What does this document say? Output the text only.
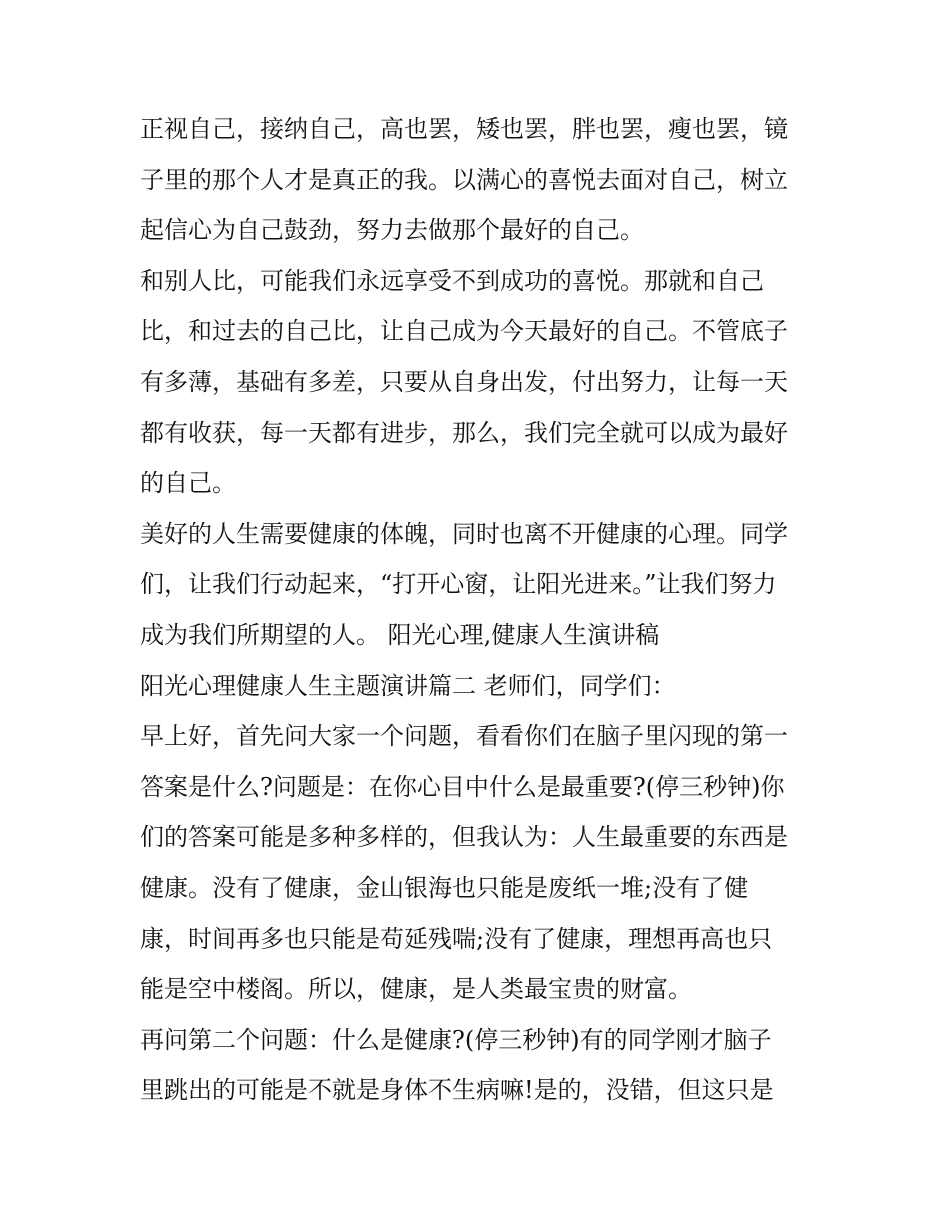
正视自己，接纳自己，高也罢，矮也罢，胖也罢，瘦也罢，镜
子里的那个人才是真正的我。以满心的喜悦去面对自己，树立
起信心为自己鼓劲，努力去做那个最好的自己。
和别人比，可能我们永远享受不到成功的喜悦。那就和自己
比，和过去的自己比，让自己成为今天最好的自己。不管底子
有多薄，基础有多差，只要从自身出发，付出努力，让每一天
都有收获，每一天都有进步，那么，我们完全就可以成为最好
的自己。
美好的人生需要健康的体魄，同时也离不开健康的心理。同学
们，让我们行动起来，“打开心窗，让阳光进来。”让我们努力
成为我们所期望的人。 阳光心理,健康人生演讲稿
阳光心理健康人生主题演讲篇二 老师们，同学们：
早上好，首先问大家一个问题，看看你们在脑子里闪现的第一
答案是什么?问题是：在你心目中什么是最重要?(停三秒钟)你
们的答案可能是多种多样的，但我认为：人生最重要的东西是
健康。没有了健康，金山银海也只能是废纸一堆;没有了健
康，时间再多也只能是苟延残喘;没有了健康，理想再高也只
能是空中楼阁。所以，健康，是人类最宝贵的财富。
再问第二个问题：什么是健康?(停三秒钟)有的同学刚才脑子
里跳出的可能是不就是身体不生病嘛!是的，没错，但这只是
